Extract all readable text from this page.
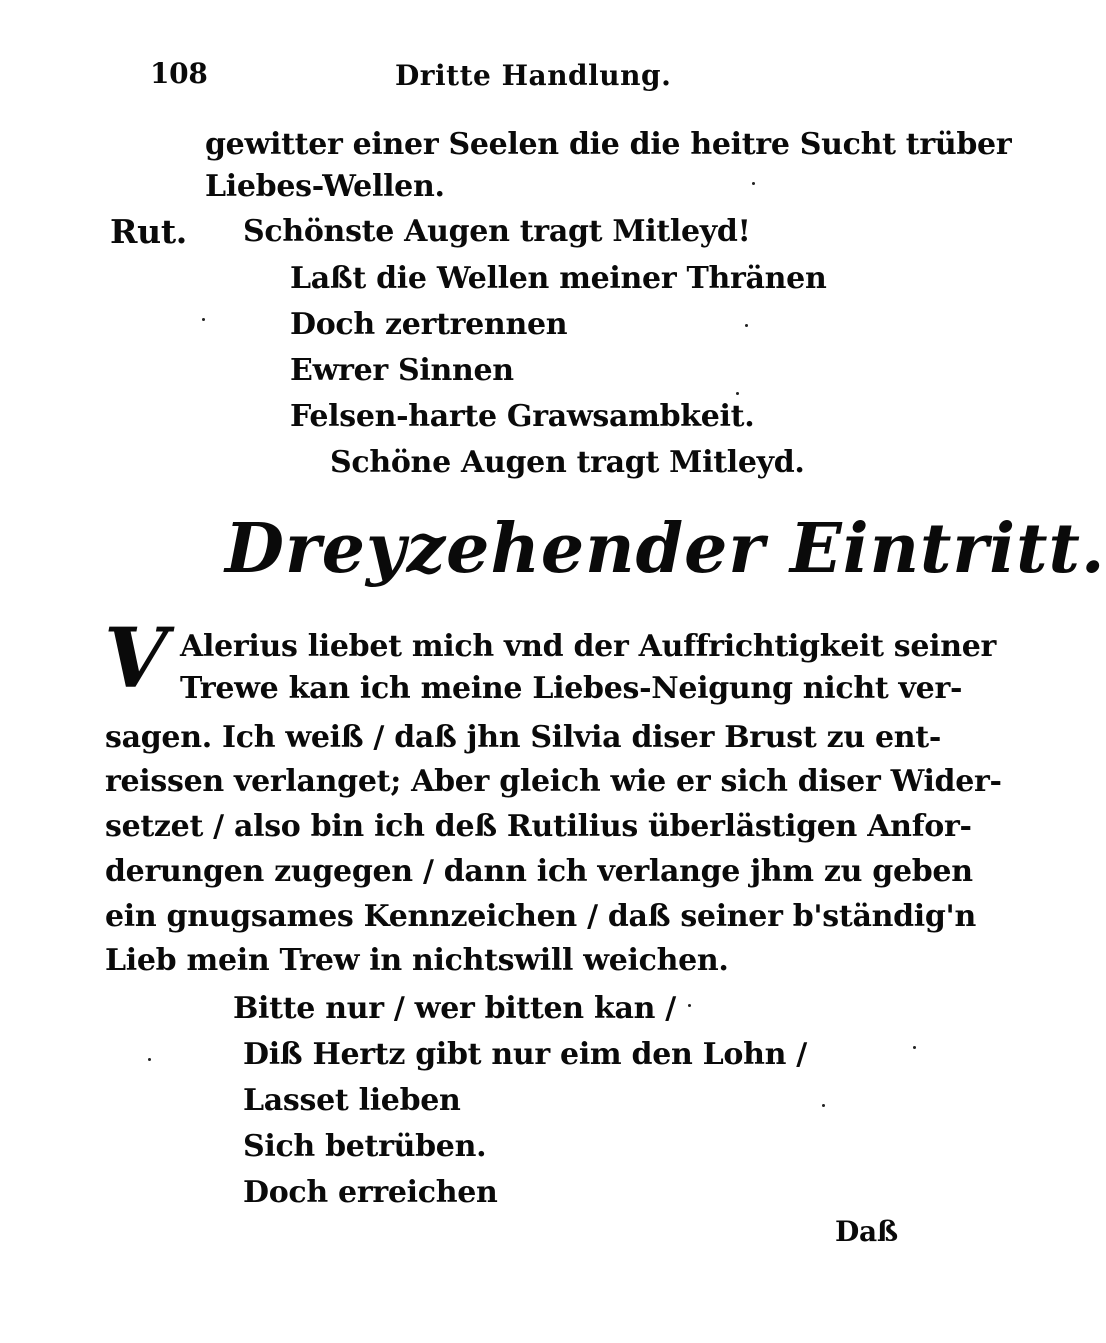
108	Dritte Handlung.
gewitter einer Seelen die die heitre Sucht trüber
Liebes-Wellen.
Rut. Schönste Augen tragt Mitleyd!
Laßt die Wellen meiner Thränen
Doch zertrennen
Ewrer Sinnen
Felsen-harte Grawsambkeit.
Schöne Augen tragt Mitleyd.
Dreyzehender Eintritt.
V Alerius liebet mich vnd der Auffrichtigkeit seiner
Trewe kan ich meine Liebes-Neigung nicht ver-
sagen. Ich weiß / daß jhn Silvia diser Brust zu ent-
reissen verlanget; Aber gleich wie er sich diser Wider-
setzet / also bin ich deß Rutilius überlästigen Anfor-
derungen zugegen / dann ich verlange jhm zu geben
ein gnugsames Kennzeichen / daß seiner b'ständig'n
Lieb mein Trew in nichtswill weichen.
Bitte nur / wer bitten kan /
Diß Hertz gibt nur eim den Lohn /
Lasset lieben
Sich betrüben.
Doch erreichen
Daß
